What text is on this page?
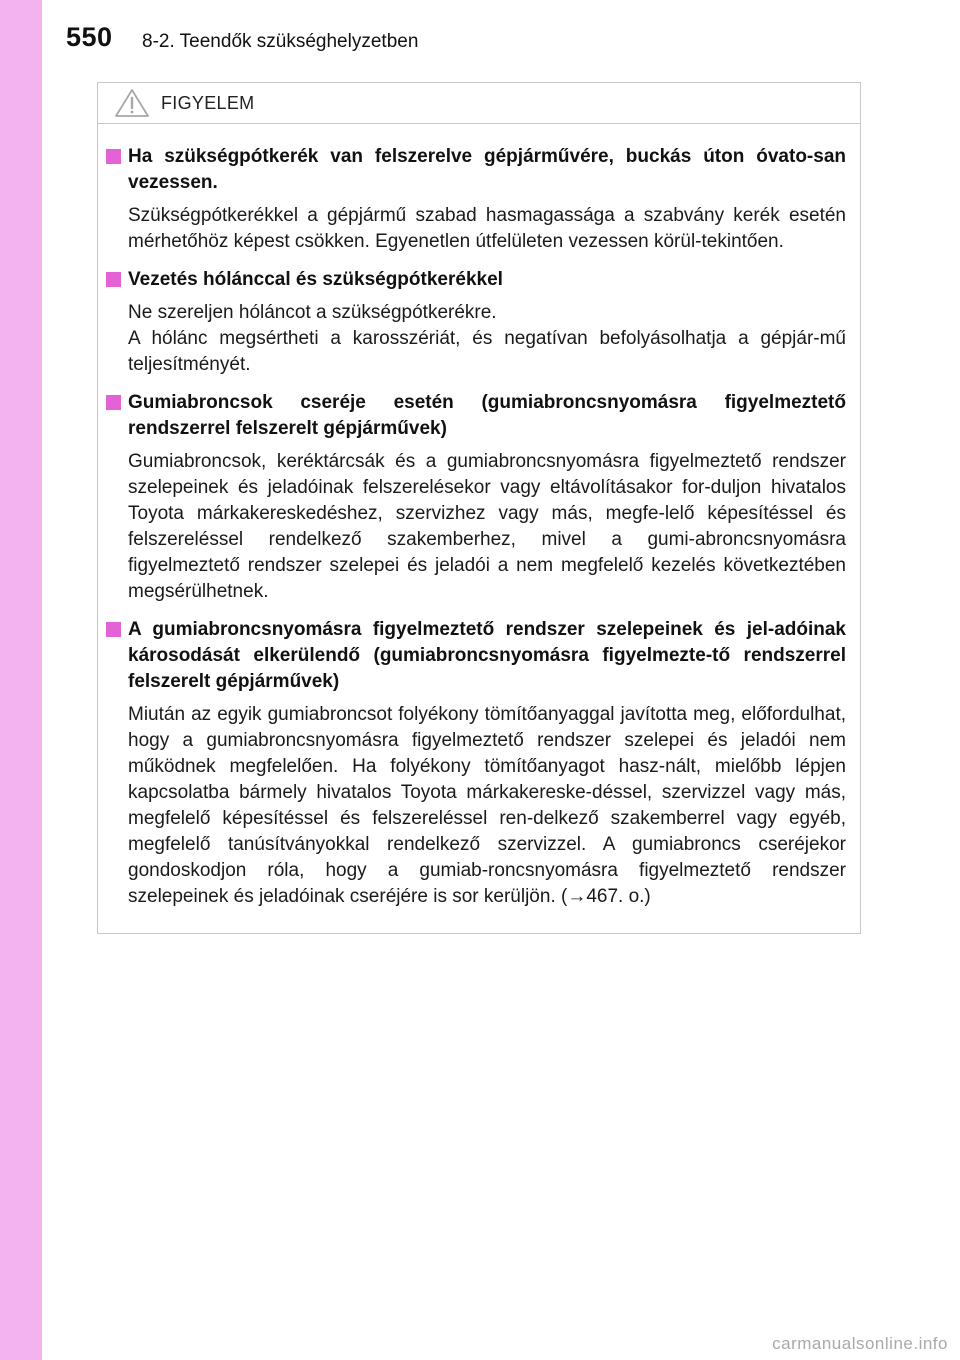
550 8-2. Teendők szükséghelyzetben
FIGYELEM
Ha szükségpótkerék van felszerelve gépjárművére, buckás úton óvato-san vezessen.
Szükségpótkerékkel a gépjármű szabad hasmagassága a szabvány kerék esetén mérhetőhöz képest csökken. Egyenetlen útfelületen vezessen körül-tekintően.
Vezetés hólánccal és szükségpótkerékkel
Ne szereljen hóláncot a szükségpótkerékre.
A hólánc megsértheti a karosszériát, és negatívan befolyásolhatja a gépjár-mű teljesítményét.
Gumiabroncsok cseréje esetén (gumiabroncsnyomásra figyelmeztető rendszerrel felszerelt gépjárművek)
Gumiabroncsok, keréktárcsák és a gumiabroncsnyomásra figyelmeztető rendszer szelepeinek és jeladóinak felszerelésekor vagy eltávolításakor for-duljon hivatalos Toyota márkakereskedéshez, szervizhez vagy más, megfe-lelő képesítéssel és felszereléssel rendelkező szakemberhez, mivel a gumi-abroncsnyomásra figyelmeztető rendszer szelepei és jeladói a nem megfelelő kezelés következtében megsérülhetnek.
A gumiabroncsnyomásra figyelmeztető rendszer szelepeinek és jel-adóinak károsodását elkerülendő (gumiabroncsnyomásra figyelmezte-tő rendszerrel felszerelt gépjárművek)
Miután az egyik gumiabroncsot folyékony tömítőanyaggal javította meg, előfordulhat, hogy a gumiabroncsnyomásra figyelmeztető rendszer szelepei és jeladói nem működnek megfelelően. Ha folyékony tömítőanyagot hasz-nált, mielőbb lépjen kapcsolatba bármely hivatalos Toyota márkakereske-déssel, szervizzel vagy más, megfelelő képesítéssel és felszereléssel ren-delkező szakemberrel vagy egyéb, megfelelő tanúsítványokkal rendelkező szervizzel. A gumiabroncs cseréjekor gondoskodjon róla, hogy a gumiab-roncsnyomásra figyelmeztető rendszer szelepeinek és jeladóinak cseréjére is sor kerüljön. (→467. o.)
carmanualsonline.info
